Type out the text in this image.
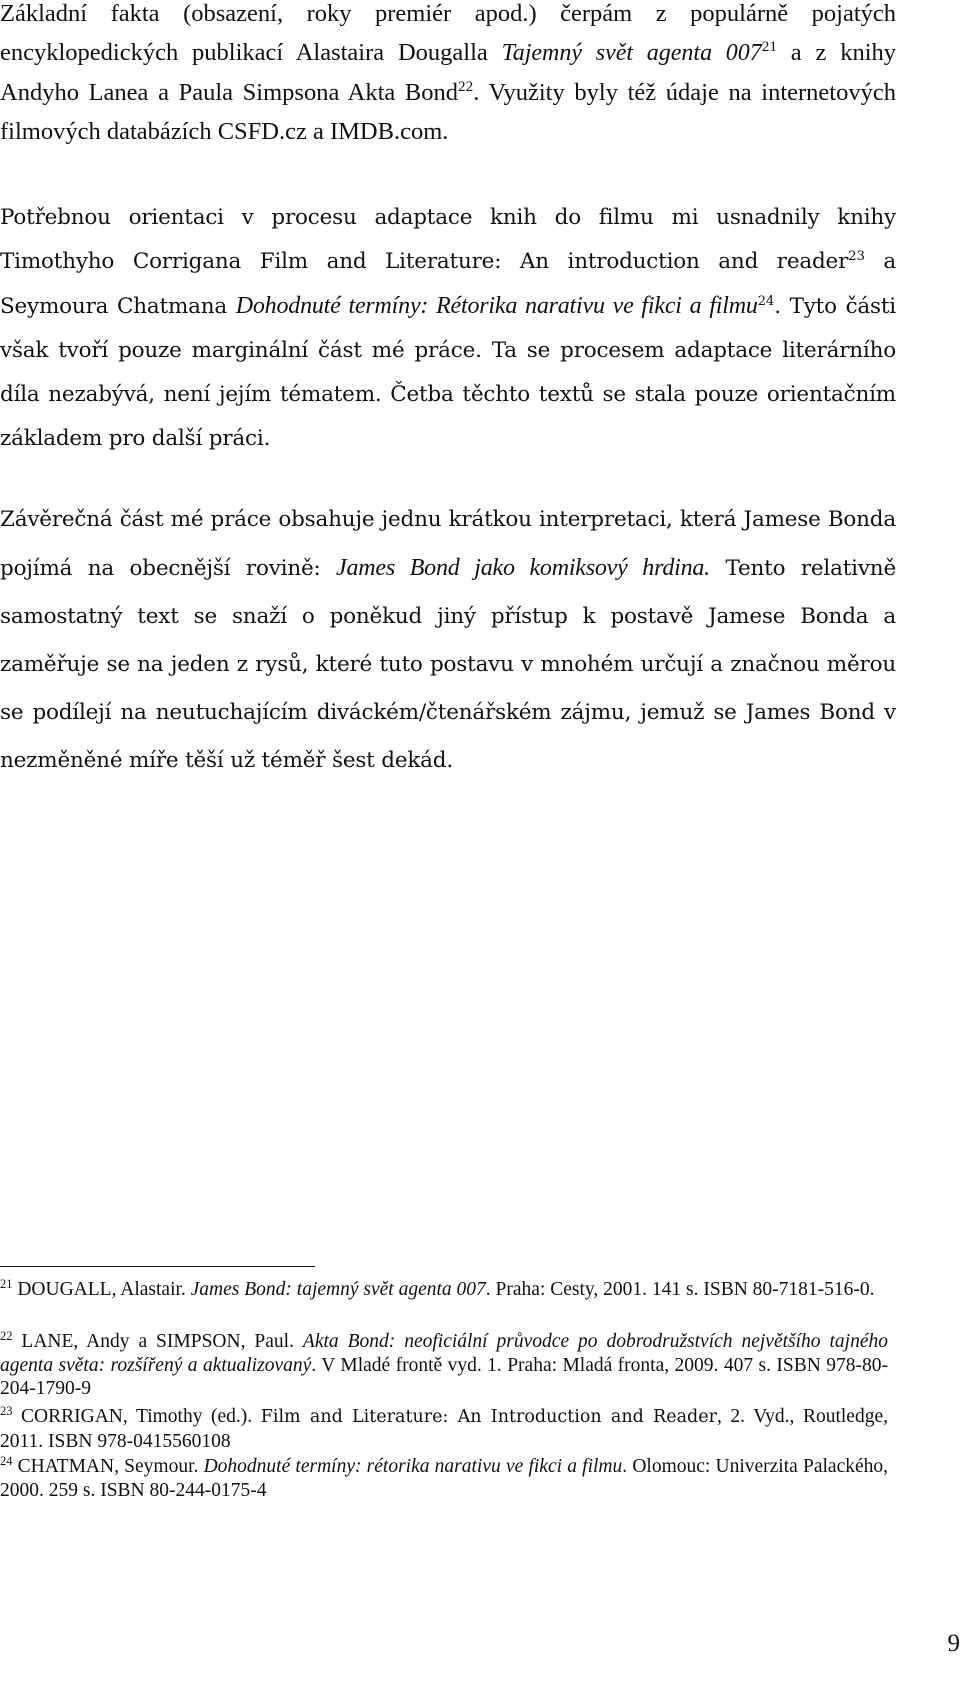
Základní fakta (obsazení, roky premiér apod.) čerpám z populárně pojatých encyklopedických publikací Alastaira Dougalla Tajemný svět agenta $007^{21}$ a z knihy Andyho Lanea a Paula Simpsona Akta Bond$^{22}$. Využity byly též údaje na internetových filmových databázích CSFD.cz a IMDB.com.

Potřebnou orientaci v procesu adaptace knih do filmu mi usnadnily knihy Timothyho Corrigana Film and Literature: An introduction and reader$^{23}$ a Seymoura Chatmana Dohodnuté termíny: Rétorika narativu ve fikci a filmu$^{24}$. Tyto části však tvoří pouze marginální část mé práce. Ta se procesem adaptace literárního díla nezabývá, není jejím tématem. Četba těchto textů se stala pouze orientačním základem pro další práci.

Závěrečná část mé práce obsahuje jednu krátkou interpretaci, která Jamese Bonda pojímá na obecnější rovině: James Bond jako komiksový hrdina. Tento relativně samostatný text se snaží o poněkud jiný přístup k postavě Jamese Bonda a zaměřuje se na jeden z rysů, které tuto postavu v mnohém určují a značnou měrou se podílejí na neutuchajícím diváckém/čtenářském zájmu, jemuž se James Bond v nezměněné míře těší už téměř šest dekád.

$^{21}$ DOUGALL, Alastair. James Bond: tajemný svět agenta 007. Praha: Cesty, 2001. 141 s. ISBN 80-7181-516-0.

$^{22}$ LANE, Andy a SIMPSON, Paul. Akta Bond: neoficiální průvodce po dobrodružstvích největšího tajného agenta světa: rozšířený a aktualizovaný. V Mladé frontě vyd. 1. Praha: Mladá fronta, 2009. 407 s. ISBN 978-80-204-1790-9

$^{23}$ CORRIGAN, Timothy (ed.). Film and Literature: An Introduction and Reader, 2. Vyd., Routledge, 2011. ISBN 978-0415560108

$^{24}$ CHATMAN, Seymour. Dohodnuté termíny: rétorika narativu ve fikci a filmu. Olomouc: Univerzita Palackého, 2000. 259 s. ISBN 80-244-0175-4

9
